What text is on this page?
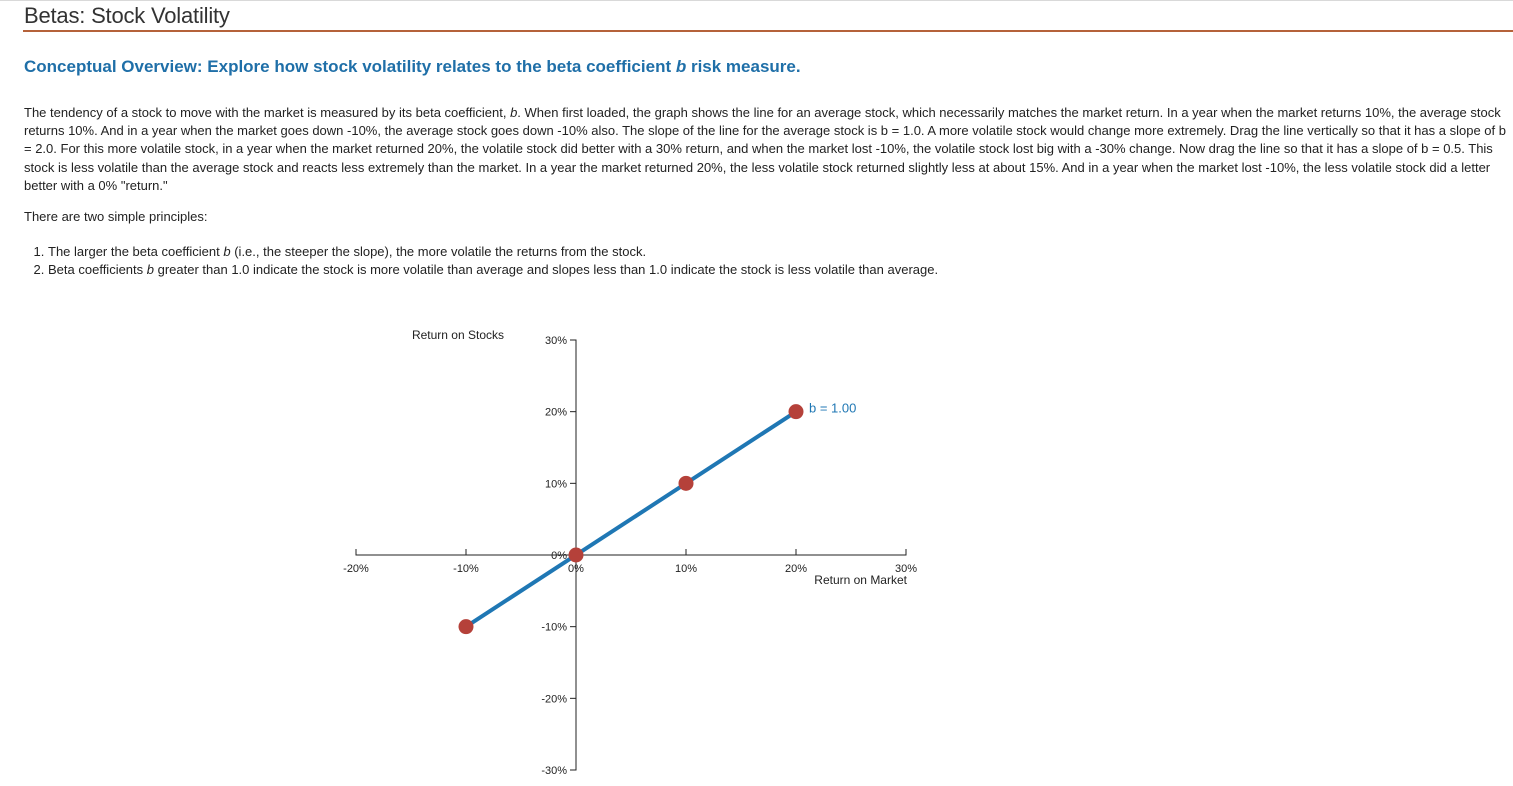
Betas: Stock Volatility
Conceptual Overview: Explore how stock volatility relates to the beta coefficient b risk measure.

The tendency of a stock to move with the market is measured by its beta coefficient, b. When first loaded, the graph shows the line for an average stock, which necessarily matches the market return. In a year when the market returns 10%, the average stock returns 10%. And in a year when the market goes down -10%, the average stock goes down -10% also. The slope of the line for the average stock is b = 1.0. A more volatile stock would change more extremely. Drag the line vertically so that it has a slope of b = 2.0. For this more volatile stock, in a year when the market returned 20%, the volatile stock did better with a 30% return, and when the market lost -10%, the volatile stock lost big with a -30% change. Now drag the line so that it has a slope of b = 0.5. This stock is less volatile than the average stock and reacts less extremely than the market. In a year the market returned 20%, the less volatile stock returned slightly less at about 15%. And in a year when the market lost -10%, the less volatile stock did a letter better with a 0% "return."

There are two simple principles:

1. The larger the beta coefficient b (i.e., the steeper the slope), the more volatile the returns from the stock.
2. Beta coefficients b greater than 1.0 indicate the stock is more volatile than average and slopes less than 1.0 indicate the stock is less volatile than average.
-20%	-10%	0%	10%	20%	30%
30%
20%
10%
0%
-10%
-20%
-30%
Return on Stocks
Return on Market
b = 1.00
